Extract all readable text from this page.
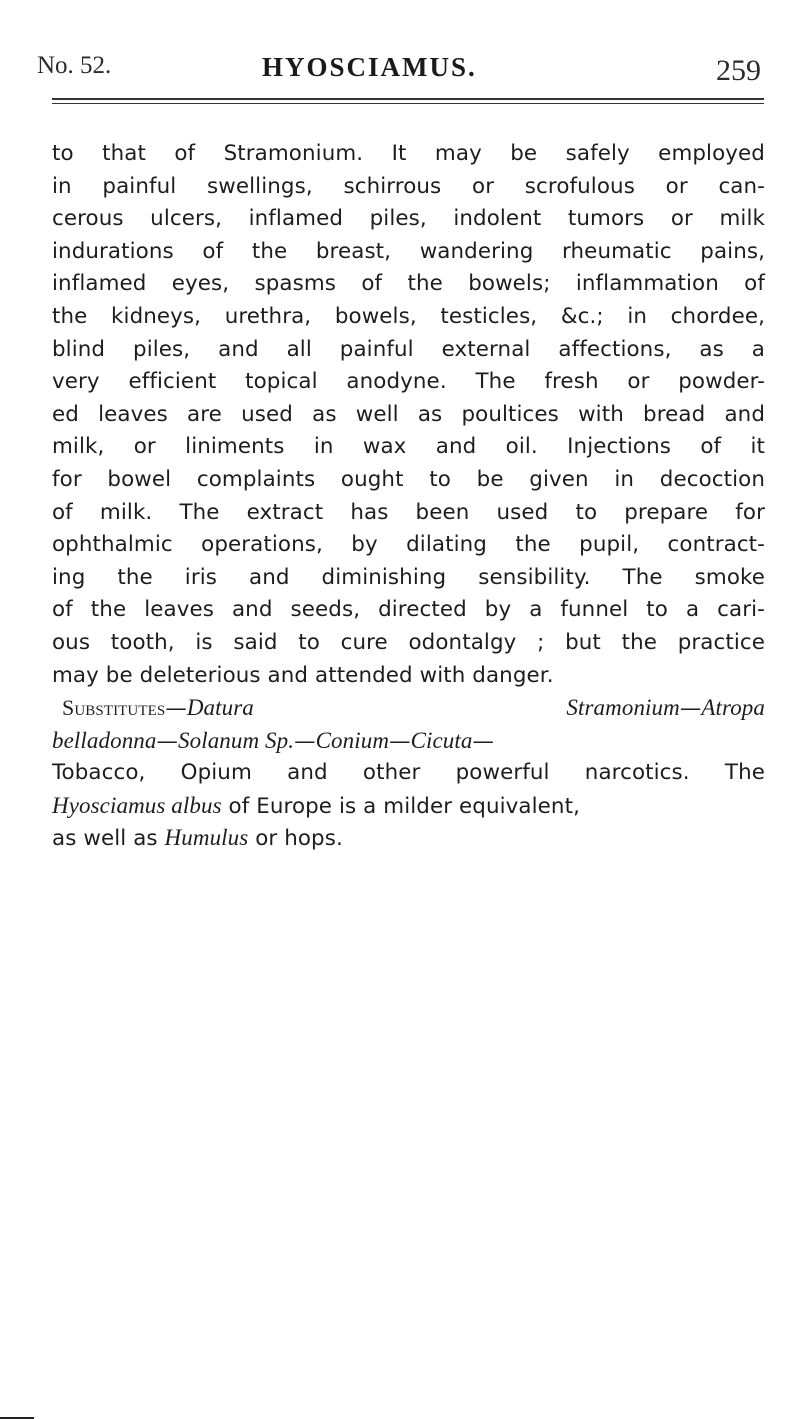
No. 52.	HYOSCIAMUS.	259
to that of Stramonium. It may be safely employed
in painful swellings, schirrous or scrofulous or can-
cerous ulcers, inflamed piles, indolent tumors or milk
indurations of the breast, wandering rheumatic pains,
inflamed eyes, spasms of the bowels; inflammation of
the kidneys, urethra, bowels, testicles, &c.; in chordee,
blind piles, and all painful external affections, as a
very efficient topical anodyne. The fresh or powder-
ed leaves are used as well as poultices with bread and
milk, or liniments in wax and oil. Injections of it
for bowel complaints ought to be given in decoction
of milk. The extract has been used to prepare for
ophthalmic operations, by dilating the pupil, contract-
ing the iris and diminishing sensibility. The smoke
of the leaves and seeds, directed by a funnel to a cari-
ous tooth, is said to cure odontalgy ; but the practice
may be deleterious and attended with danger.
Substitutes—Datura Stramonium—Atropa
belladonna—Solanum Sp.—Conium—Cicuta—
Tobacco, Opium and other powerful narcotics. The
Hyosciamus albus of Europe is a milder equivalent,
as well as Humulus or hops.
